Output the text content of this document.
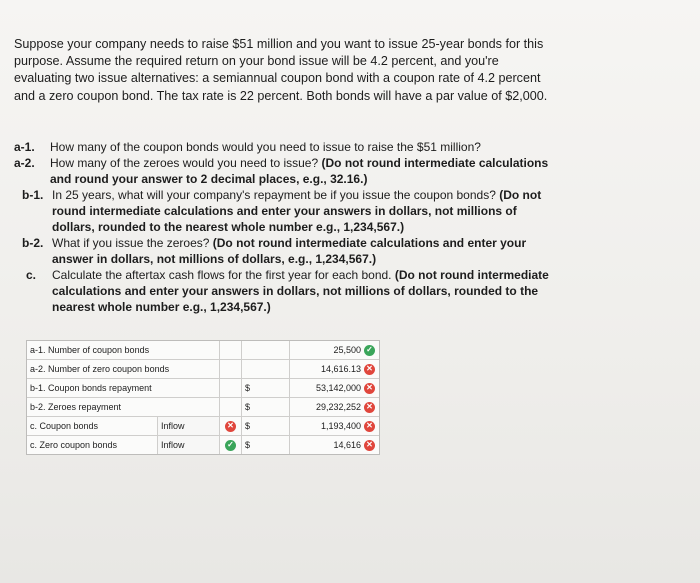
Suppose your company needs to raise $51 million and you want to issue 25-year bonds for this purpose. Assume the required return on your bond issue will be 4.2 percent, and you're evaluating two issue alternatives: a semiannual coupon bond with a coupon rate of 4.2 percent and a zero coupon bond. The tax rate is 22 percent. Both bonds will have a par value of $2,000.
a-1.	How many of the coupon bonds would you need to issue to raise the $51 million?
a-2.	How many of the zeroes would you need to issue? (Do not round intermediate calculations and round your answer to 2 decimal places, e.g., 32.16.)
b-1. In 25 years, what will your company's repayment be if you issue the coupon bonds? (Do not round intermediate calculations and enter your answers in dollars, not millions of dollars, rounded to the nearest whole number e.g., 1,234,567.)
b-2. What if you issue the zeroes? (Do not round intermediate calculations and enter your answer in dollars, not millions of dollars, e.g., 1,234,567.)
c.	Calculate the aftertax cash flows for the first year for each bond. (Do not round intermediate calculations and enter your answers in dollars, not millions of dollars, rounded to the nearest whole number e.g., 1,234,567.)
a-1. Number of coupon bonds	25,500 ✓
a-2. Number of zero coupon bonds	14,616.13 ✕
b-1. Coupon bonds repayment	$	53,142,000 ✕
b-2. Zeroes repayment	$	29,232,252 ✕
c. Coupon bonds	Inflow	✕	$	1,193,400 ✕
c. Zero coupon bonds	Inflow	✓	$	14,616 ✕
